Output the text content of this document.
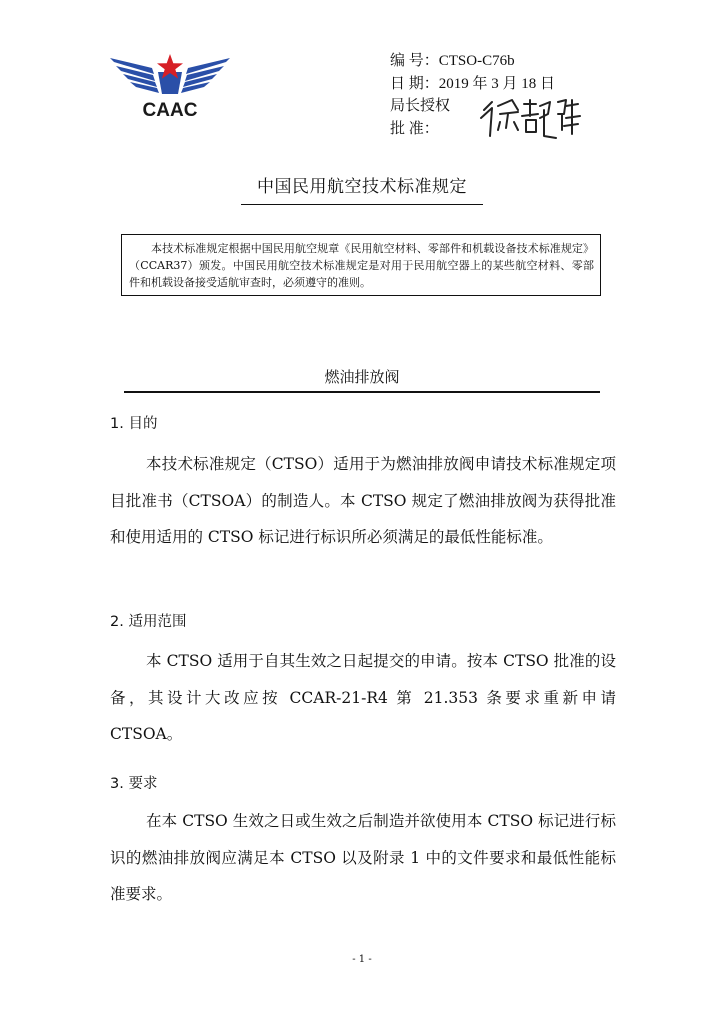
CAAC
编 号： CTSO-C76b
日 期： 2019 年 3 月 18 日
局长授权
批 准：
中国民用航空技术标准规定
本技术标准规定根据中国民用航空规章《民用航空材料、零部件和机载设备技术标准规定》（CCAR37）颁发。中国民用航空技术标准规定是对用于民用航空器上的某些航空材料、零部件和机载设备接受适航审查时，必须遵守的准则。
燃油排放阀
1. 目的
本技术标准规定（CTSO）适用于为燃油排放阀申请技术标准规定项目批准书（CTSOA）的制造人。本 CTSO 规定了燃油排放阀为获得批准和使用适用的 CTSO 标记进行标识所必须满足的最低性能标准。
2. 适用范围
本 CTSO 适用于自其生效之日起提交的申请。按本 CTSO 批准的设备，其设计大改应按 CCAR-21-R4 第 21.353 条要求重新申请 CTSOA。
3. 要求
在本 CTSO 生效之日或生效之后制造并欲使用本 CTSO 标记进行标识的燃油排放阀应满足本 CTSO 以及附录 1 中的文件要求和最低性能标准要求。
- 1 -
